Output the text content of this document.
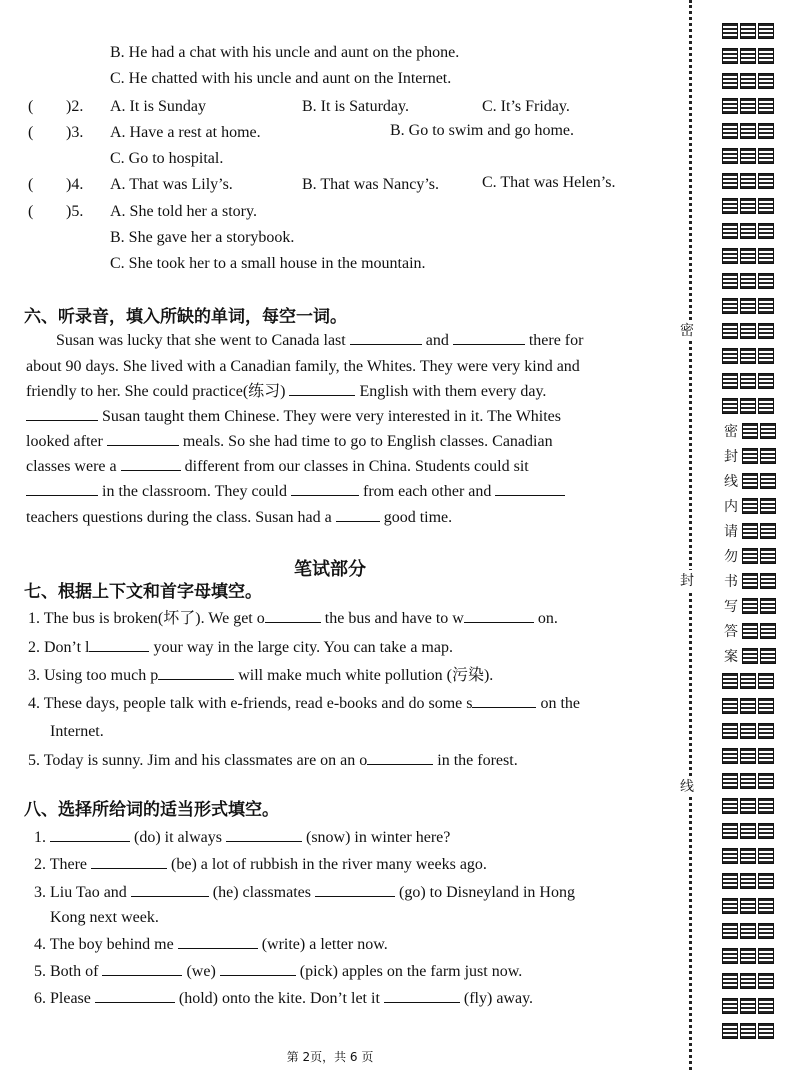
B. He had a chat with his uncle and aunt on the phone.
C. He chatted with his uncle and aunt on the Internet.
( )2. A. It is Sunday	B. It is Saturday.	C. It’s Friday.
( )3. A. Have a rest at home.	B. Go to swim and go home.
C. Go to hospital.
( )4. A. That was Lily’s.	B. That was Nancy’s.	C. That was Helen’s.
( )5. A. She told her a story.
B. She gave her a storybook.
C. She took her to a small house in the mountain.
六、听录音，填入所缺的单词，每空一词。
Susan was lucky that she went to Canada last	and	there for
about 90 days. She lived with a Canadian family, the Whites. They were very kind and
friendly to her. She could practice(练习)	English with them every day.
Susan taught them Chinese. They were very interested in it. The Whites
looked after	meals. So she had time to go to English classes. Canadian
classes were a	different from our classes in China. Students could sit
in the classroom. They could	from each other and
teachers questions during the class. Susan had a	good time.
笔试部分
七、根据上下文和首字母填空。
1. The bus is broken(坏了). We get o	the bus and have to w	on.
2. Don’t l	your way in the large city. You can take a map.
3. Using too much p	will make much white pollution (污染).
4. These days, people talk with e-friends, read e-books and do some s	on the
Internet.
5. Today is sunny. Jim and his classmates are on an o	in the forest.
八、选择所给词的适当形式填空。
1.	(do) it always	(snow) in winter here?
2. There	(be) a lot of rubbish in the river many weeks ago.
3. Liu Tao and	(he) classmates	(go) to Disneyland in Hong
Kong next week.
4. The boy behind me	(write) a letter now.
5. Both of	(we)	(pick) apples on the farm just now.
6. Please	(hold) onto the kite. Don’t let it	(fly) away.
第 2页，共 6 页
密
封
线
密
封
线
内
请
勿
书
写
答
案
